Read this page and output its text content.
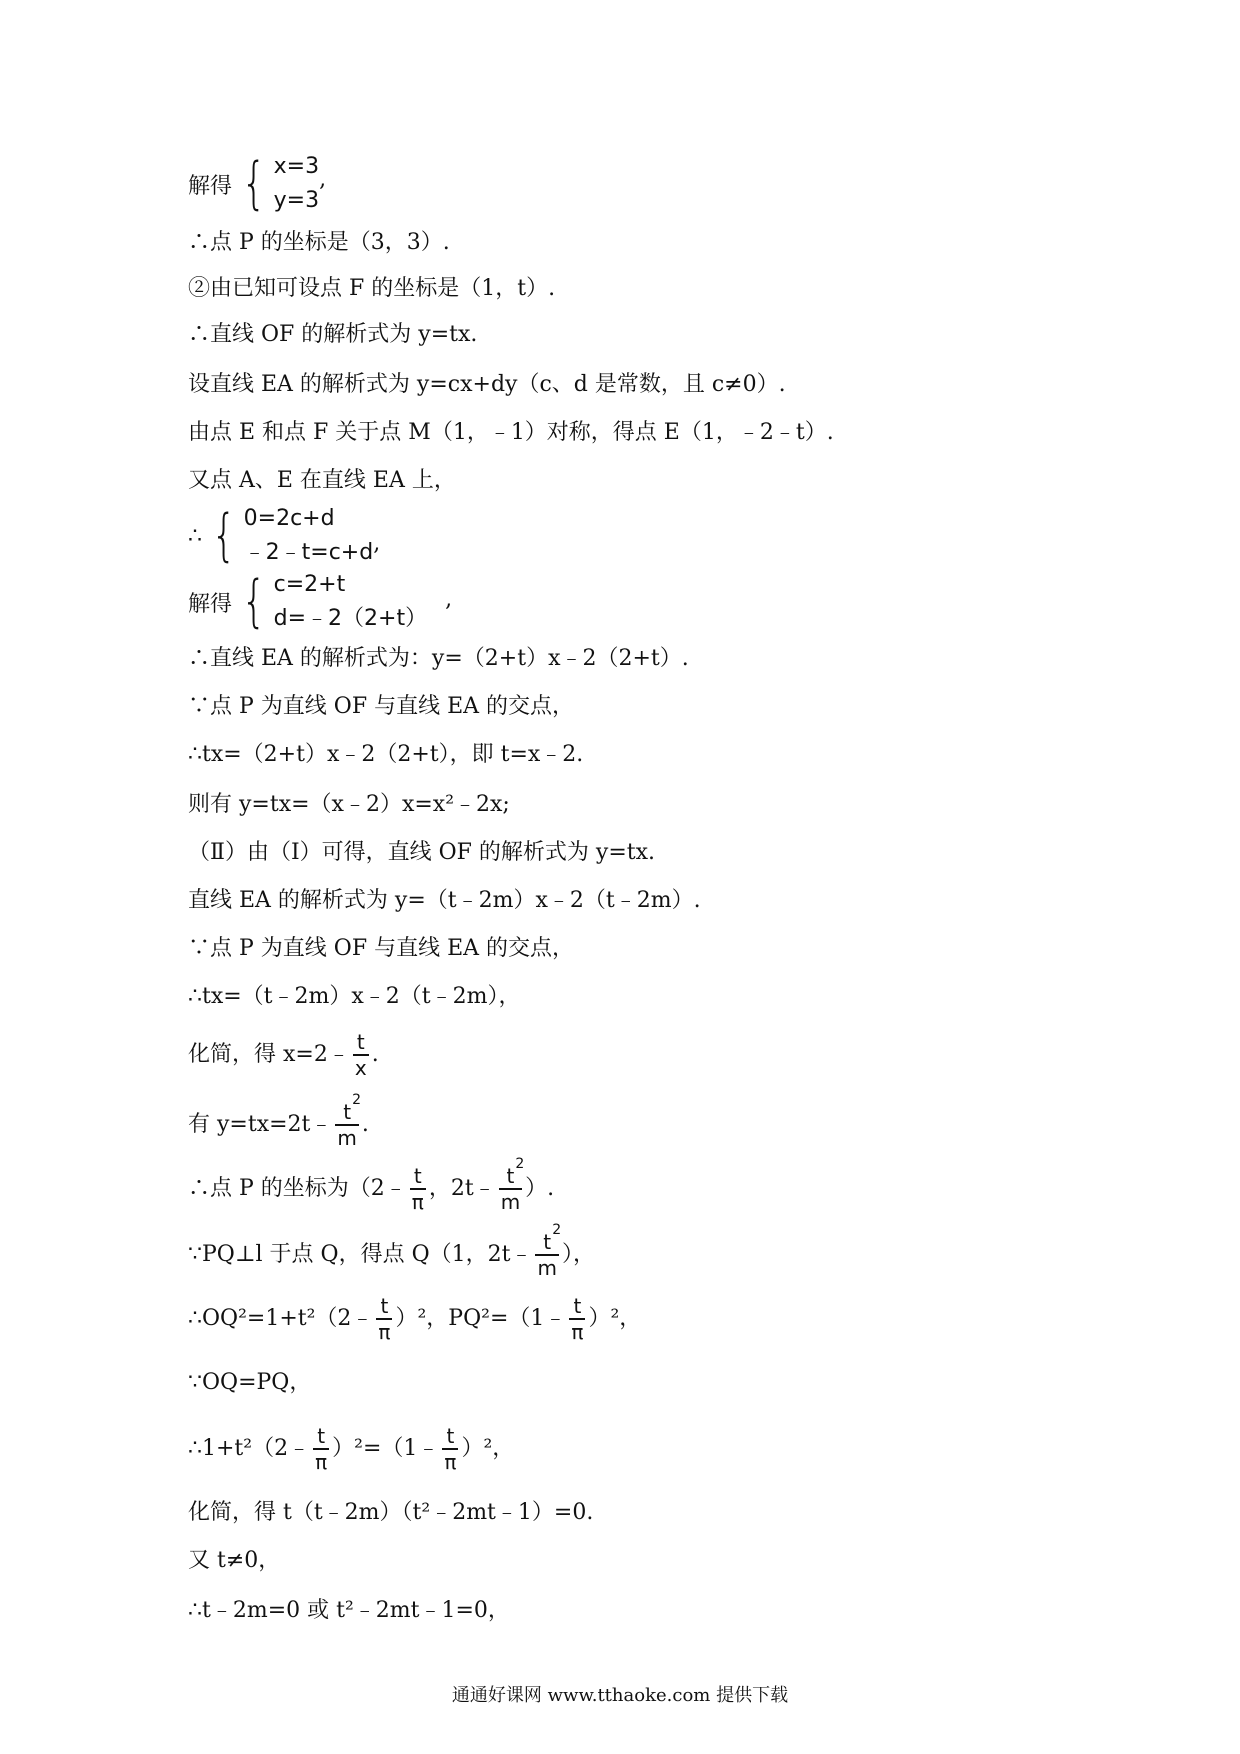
解得 { x=3
y=3
,
∴点 P 的坐标是（3，3）.
②由已知可设点 F 的坐标是（1，t）.
∴直线 OF 的解析式为 y=tx.
设直线 EA 的解析式为 y=cx+dy（c、d 是常数，且 c≠0）.
由点 E 和点 F 关于点 M（1，﹣1）对称，得点 E（1，﹣2﹣t）.
又点 A、E 在直线 EA 上，
∴ { 0=2c+d
﹣2﹣t=c+d ,
解得 { c=2+t
d=﹣2（2+t）
,
∴直线 EA 的解析式为：y=（2+t）x﹣2（2+t）.
∵点 P 为直线 OF 与直线 EA 的交点，
∴tx=（2+t）x﹣2（2+t），即 t=x﹣2.
则有 y=tx=（x﹣2）x=x²﹣2x;
（Ⅱ）由（Ⅰ）可得，直线 OF 的解析式为 y=tx.
直线 EA 的解析式为 y=（t﹣2m）x﹣2（t﹣2m）.
∵点 P 为直线 OF 与直线 EA 的交点，
∴tx=（t﹣2m）x﹣2（t﹣2m），
化简，得 x=2﹣ $\frac{t}{x}$ .
有 y=tx=2t﹣ $\frac{t 2}{m}$ .
∴点 P 的坐标为（2﹣ $\frac{t}{\pi}$ ，2t﹣ $\frac{t 2}{m}$ ）.
∵PQ⊥l 于点 Q，得点 Q（1，2t﹣ $\frac{t 2}{m}$ ），
∴OQ²=1+t²（2﹣ $\frac{t}{\pi} )^2$，PQ²=（1﹣ $\frac{t}{\pi} )^2$，
∵OQ=PQ，
∴1+t²（2﹣ $\frac{t}{\pi}$ ）²=（1﹣ $\frac{t}{\pi} )^2$，
化简，得 t（t﹣2m）（t²﹣2mt﹣1）=0.
又 t≠0，
∴t﹣2m=0 或 t²﹣2mt﹣1=0，
通通好课网 www.tthaoke.com 提供下载
